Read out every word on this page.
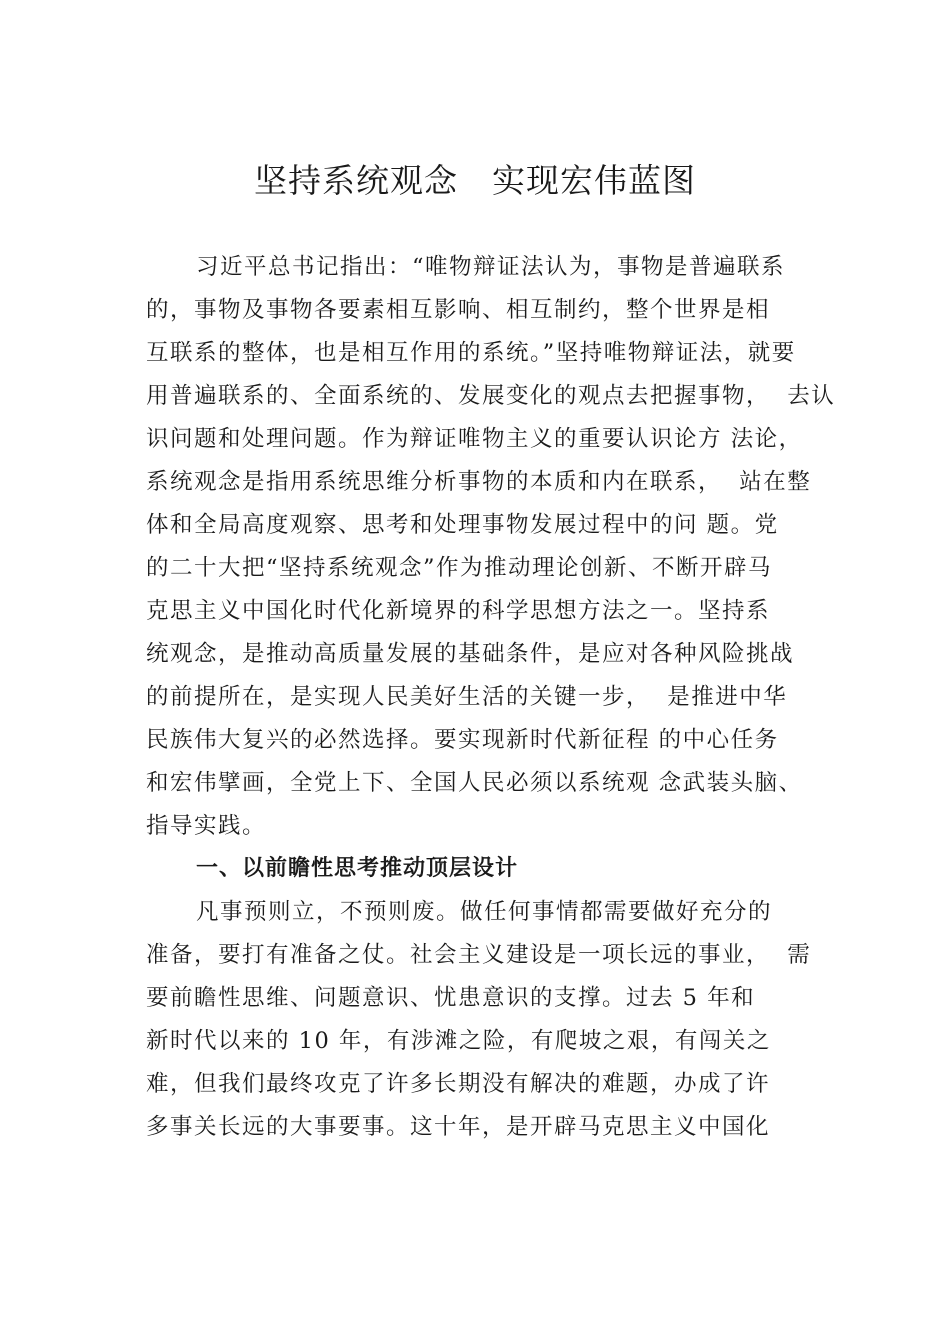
坚持系统观念　实现宏伟蓝图
习近平总书记指出：“唯物辩证法认为，事物是普遍联系
的，事物及事物各要素相互影响、相互制约，整个世界是相
互联系的整体，也是相互作用的系统。”坚持唯物辩证法，就要
用普遍联系的、全面系统的、发展变化的观点去把握事物，  去认
识问题和处理问题。作为辩证唯物主义的重要认识论方 法论，
系统观念是指用系统思维分析事物的本质和内在联系，  站在整
体和全局高度观察、思考和处理事物发展过程中的问 题。党
的二十大把“坚持系统观念”作为推动理论创新、不断开辟马
克思主义中国化时代化新境界的科学思想方法之一。坚持系
统观念，是推动高质量发展的基础条件，是应对各种风险挑战
的前提所在，是实现人民美好生活的关键一步，  是推进中华
民族伟大复兴的必然选择。要实现新时代新征程 的中心任务
和宏伟擘画，全党上下、全国人民必须以系统观 念武装头脑、
指导实践。
一、以前瞻性思考推动顶层设计
凡事预则立，不预则废。做任何事情都需要做好充分的
准备，要打有准备之仗。社会主义建设是一项长远的事业，  需
要前瞻性思维、问题意识、忧患意识的支撑。过去 5 年和
新时代以来的 10 年，有涉滩之险，有爬坡之艰，有闯关之
难，但我们最终攻克了许多长期没有解决的难题，办成了许
多事关长远的大事要事。这十年，是开辟马克思主义中国化
